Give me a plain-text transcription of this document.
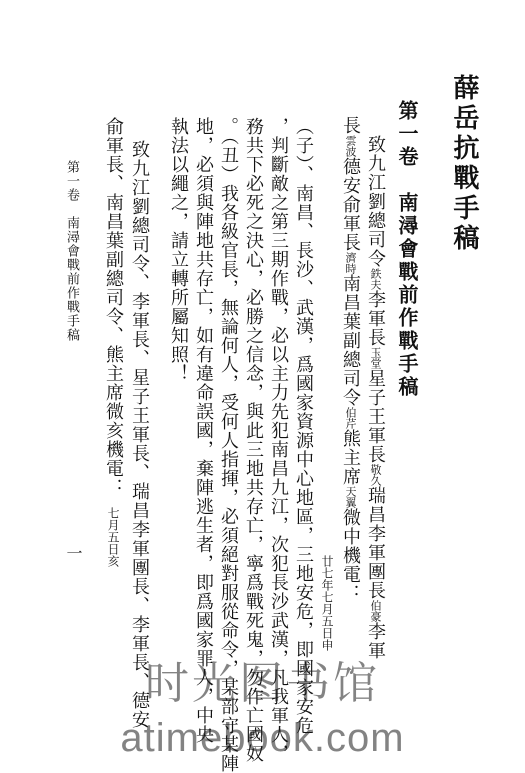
薛岳抗戰手稿
第一卷　南潯會戰前作戰手稿
致九江劉總司令鉄夫李軍長玉堂星子王軍長敬久瑞昌李軍團長伯豪李軍
長雲波德安俞軍長濟時南昌葉副總司令伯芹熊主席天翼微中機電：
廿七年七月五日申
（子）、南昌、長沙、武漢，爲國家資源中心地區，三地安危，即國家安危
，判斷敵之第三期作戰，必以主力先犯南昌九江，次犯長沙武漢，凡我軍人，
務共下必死之決心，必勝之信念，與此三地共存亡，寧爲戰死鬼，勿作亡國奴
。（丑）我各級官長，無論何人，受何人指揮，必須絕對服從命令，某部守某陣
地，必須與陣地共存亡，如有違命誤國，棄陣逃生者，即爲國家罪人，中央
執法以繩之，請立轉所屬知照！
致九江劉總司令、李軍長、星子王軍長、瑞昌李軍團長、李軍長、德安
俞軍長、南昌葉副總司令、熊主席微亥機電：七月五日亥
第一卷　南潯會戰前作戰手稿
一
时光图书馆
atimebook.com
